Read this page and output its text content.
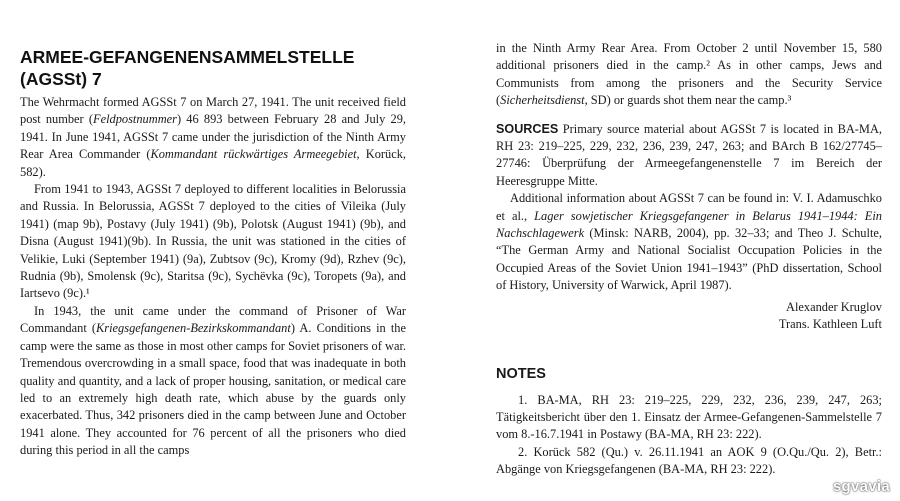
ARMEE-GEFANGENENSAMMELSTELLE
(AGSSt) 7

The Wehrmacht formed AGSSt 7 on March 27, 1941. The unit received field post number (Feldpostnummer) 46 893 between February 28 and July 29, 1941. In June 1941, AGSSt 7 came under the jurisdiction of the Ninth Army Rear Area Commander (Kommandant rückwärtiges Armeegebiet, Korück, 582).

From 1941 to 1943, AGSSt 7 deployed to different localities in Belorussia and Russia. In Belorussia, AGSSt 7 deployed to the cities of Vileika (July 1941) (map 9b), Postavy (July 1941) (9b), Polotsk (August 1941) (9b), and Disna (August 1941)(9b). In Russia, the unit was stationed in the cities of Velikie, Luki (September 1941) (9a), Zubtsov (9c), Kromy (9d), Rzhev (9c), Rudnia (9b), Smolensk (9c), Staritsa (9c), Sychëvka (9c), Toropets (9a), and Iartsevo (9c).¹

In 1943, the unit came under the command of Prisoner of War Commandant (Kriegsgefangenen-Bezirkskommandant) A. Conditions in the camp were the same as those in most other camps for Soviet prisoners of war. Tremendous overcrowding in a small space, food that was inadequate in both quality and quantity, and a lack of proper housing, sanitation, or medical care led to an extremely high death rate, which abuse by the guards only exacerbated. Thus, 342 prisoners died in the camp between June and October 1941 alone. They accounted for 76 percent of all the prisoners who died during this period in all the camps

in the Ninth Army Rear Area. From October 2 until November 15, 580 additional prisoners died in the camp.² As in other camps, Jews and Communists from among the prisoners and the Security Service (Sicherheitsdienst, SD) or guards shot them near the camp.³

SOURCES Primary source material about AGSSt 7 is located in BA-MA, RH 23: 219–225, 229, 232, 236, 239, 247, 263; and BArch B 162/27745–27746: Überprüfung der Armeegefangenenstelle 7 im Bereich der Heeresgruppe Mitte.

Additional information about AGSSt 7 can be found in: V. I. Adamuschko et al., Lager sowjetischer Kriegsgefangener in Belarus 1941–1944: Ein Nachschlagewerk (Minsk: NARB, 2004), pp. 32–33; and Theo J. Schulte, “The German Army and National Socialist Occupation Policies in the Occupied Areas of the Soviet Union 1941–1943” (PhD dissertation, School of History, University of Warwick, April 1987).

Alexander Kruglov
Trans. Kathleen Luft
NOTES

1. BA-MA, RH 23: 219–225, 229, 232, 236, 239, 247, 263; Tätigkeitsbericht über den 1. Einsatz der Armee-Gefangenen-Sammelstelle 7 vom 8.-16.7.1941 in Postawy (BA-MA, RH 23: 222).

2. Korück 582 (Qu.) v. 26.11.1941 an AOK 9 (O.Qu./Qu. 2), Betr.: Abgänge von Kriegsgefangenen (BA-MA, RH 23: 222).

sgvavia
